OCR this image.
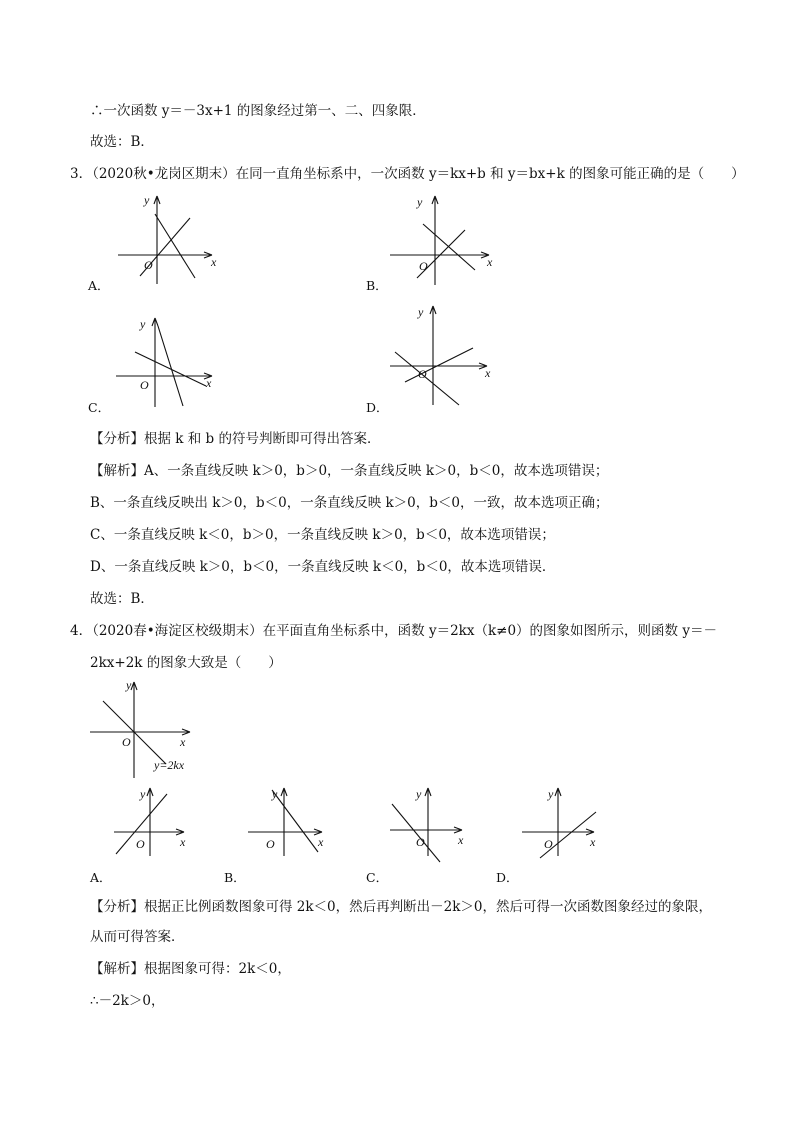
∴一次函数 y＝－3x+1 的图象经过第一、二、四象限．
故选：B．
3．（2020秋•龙岗区期末）在同一直角坐标系中，一次函数 y＝kx+b 和 y＝bx+k 的图象可能正确的是（　　）
x
y
O
A．
x
y
O
B．
x
y
O
C．
x
y
O
D．
【分析】根据 k 和 b 的符号判断即可得出答案．
【解析】A、一条直线反映 k＞0，b＞0，一条直线反映 k＞0，b＜0，故本选项错误；
B、一条直线反映出 k＞0，b＜0，一条直线反映 k＞0，b＜0，一致，故本选项正确；
C、一条直线反映 k＜0，b＞0，一条直线反映 k＞0，b＜0，故本选项错误；
D、一条直线反映 k＞0，b＜0，一条直线反映 k＜0，b＜0，故本选项错误．
故选：B．
4．（2020春•海淀区校级期末）在平面直角坐标系中，函数 y＝2kx（k≠0）的图象如图所示，则函数 y＝－
2kx+2k 的图象大致是（　　）
x
y
O
y=2kx
x
y
O
A．
x
y
O
B．
x
y
O
C．
x
y
O
D．
【分析】根据正比例函数图象可得 2k＜0，然后再判断出－2k＞0，然后可得一次函数图象经过的象限，
从而可得答案．
【解析】根据图象可得：2k＜0，
∴－2k＞0，
